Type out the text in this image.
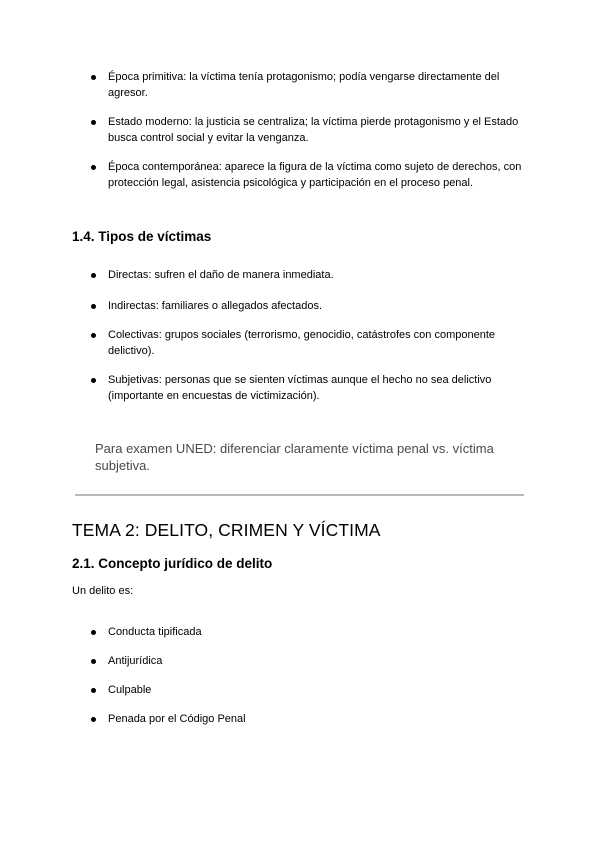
Época primitiva: la víctima tenía protagonismo; podía vengarse directamente del agresor.
Estado moderno: la justicia se centraliza; la víctima pierde protagonismo y el Estado busca control social y evitar la venganza.
Época contemporánea: aparece la figura de la víctima como sujeto de derechos, con protección legal, asistencia psicológica y participación en el proceso penal.
1.4. Tipos de víctimas
Directas: sufren el daño de manera inmediata.
Indirectas: familiares o allegados afectados.
Colectivas: grupos sociales (terrorismo, genocidio, catástrofes con componente delictivo).
Subjetivas: personas que se sienten víctimas aunque el hecho no sea delictivo (importante en encuestas de victimización).
Para examen UNED: diferenciar claramente víctima penal vs. víctima subjetiva.
TEMA 2: DELITO, CRIMEN Y VÍCTIMA
2.1. Concepto jurídico de delito
Un delito es:
Conducta tipificada
Antijurídica
Culpable
Penada por el Código Penal
